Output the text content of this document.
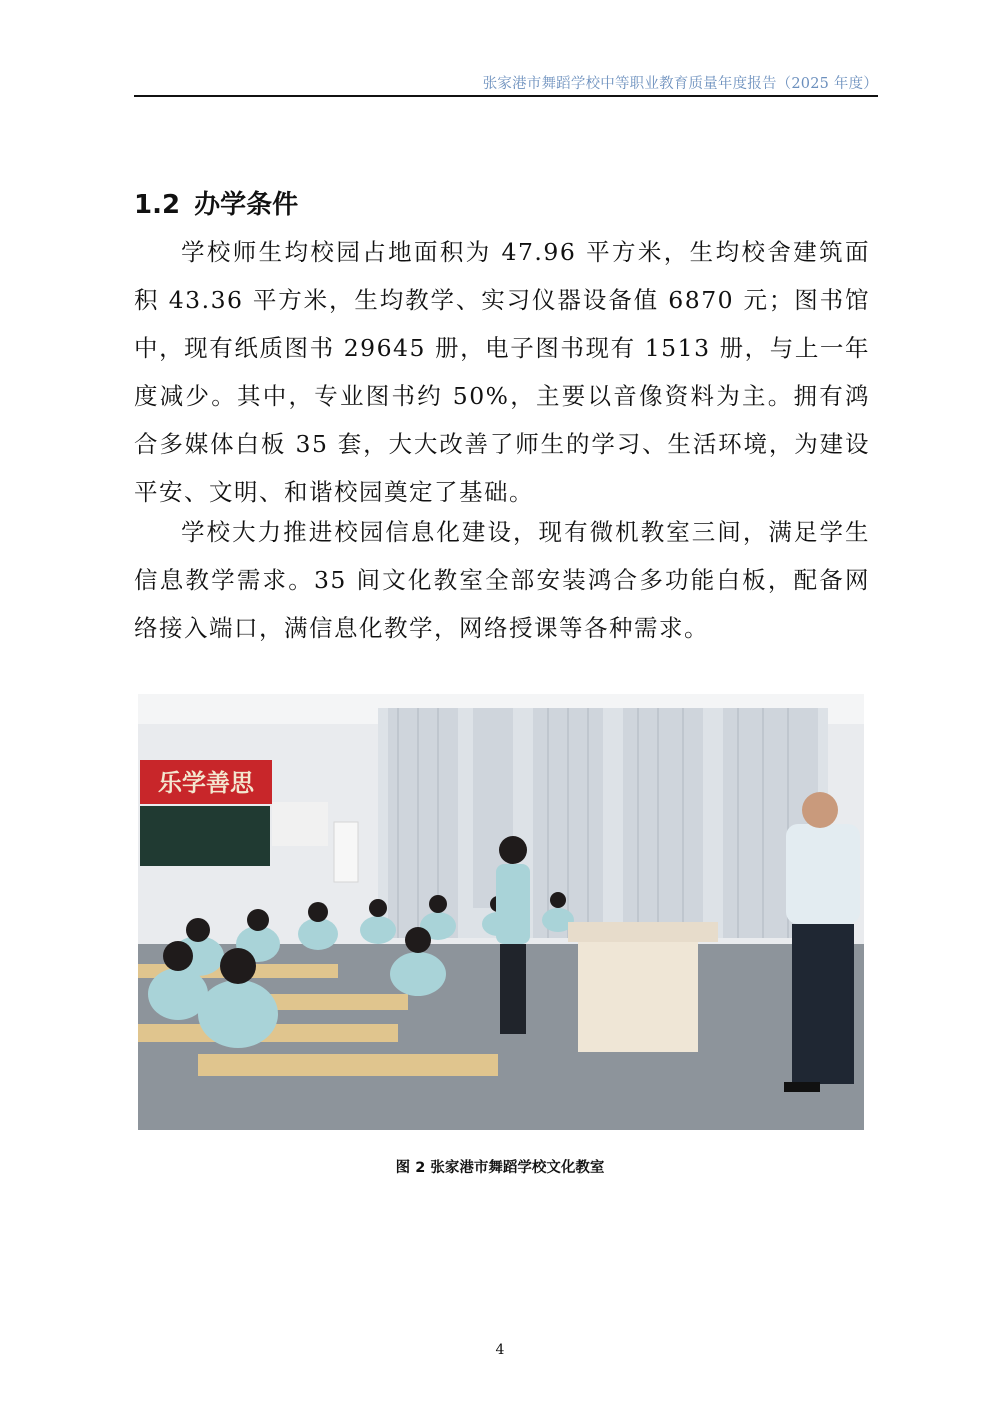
张家港市舞蹈学校中等职业教育质量年度报告（2025 年度）
1.2 办学条件

学校师生均校园占地面积为 47.96 平方米，生均校舍建筑面积 43.36 平方米，生均教学、实习仪器设备值 6870 元；图书馆中，现有纸质图书 29645 册，电子图书现有 1513 册，与上一年度减少。其中，专业图书约 50%，主要以音像资料为主。拥有鸿合多媒体白板 35 套，大大改善了师生的学习、生活环境，为建设平安、文明、和谐校园奠定了基础。

学校大力推进校园信息化建设，现有微机教室三间，满足学生信息教学需求。35 间文化教室全部安装鸿合多功能白板，配备网络接入端口，满信息化教学，网络授课等各种需求。

乐学善思
图 2 张家港市舞蹈学校文化教室
4
